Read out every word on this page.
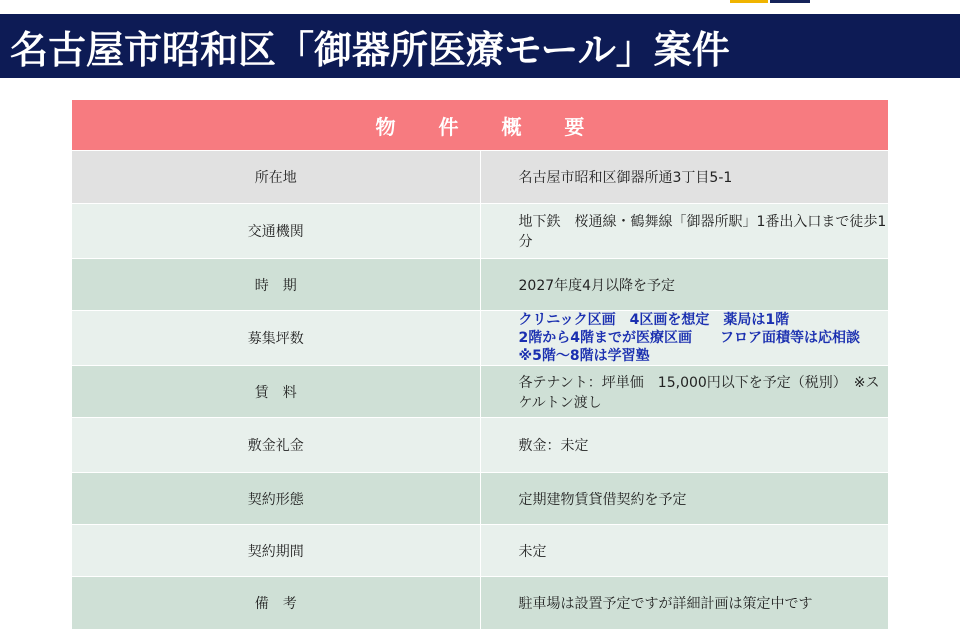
名古屋市昭和区「御器所医療モール」案件
物 件 概 要	
所在地	名古屋市昭和区御器所通3丁目5-1
交通機関	地下鉄　桜通線・鶴舞線「御器所駅」1番出入口まで徒歩1分
時　期	2027年度4月以降を予定
募集坪数	クリニック区画　4区画を想定　薬局は1階
2階から4階までが医療区画　　フロア面積等は応相談　※5階～8階は学習塾

賃　料	各テナント：坪単価　15,000円以下を予定（税別）　※スケルトン渡し
敷金礼金	敷金：未定
契約形態	定期建物賃貸借契約を予定
契約期間	未定
備　考	駐車場は設置予定ですが詳細計画は策定中です
